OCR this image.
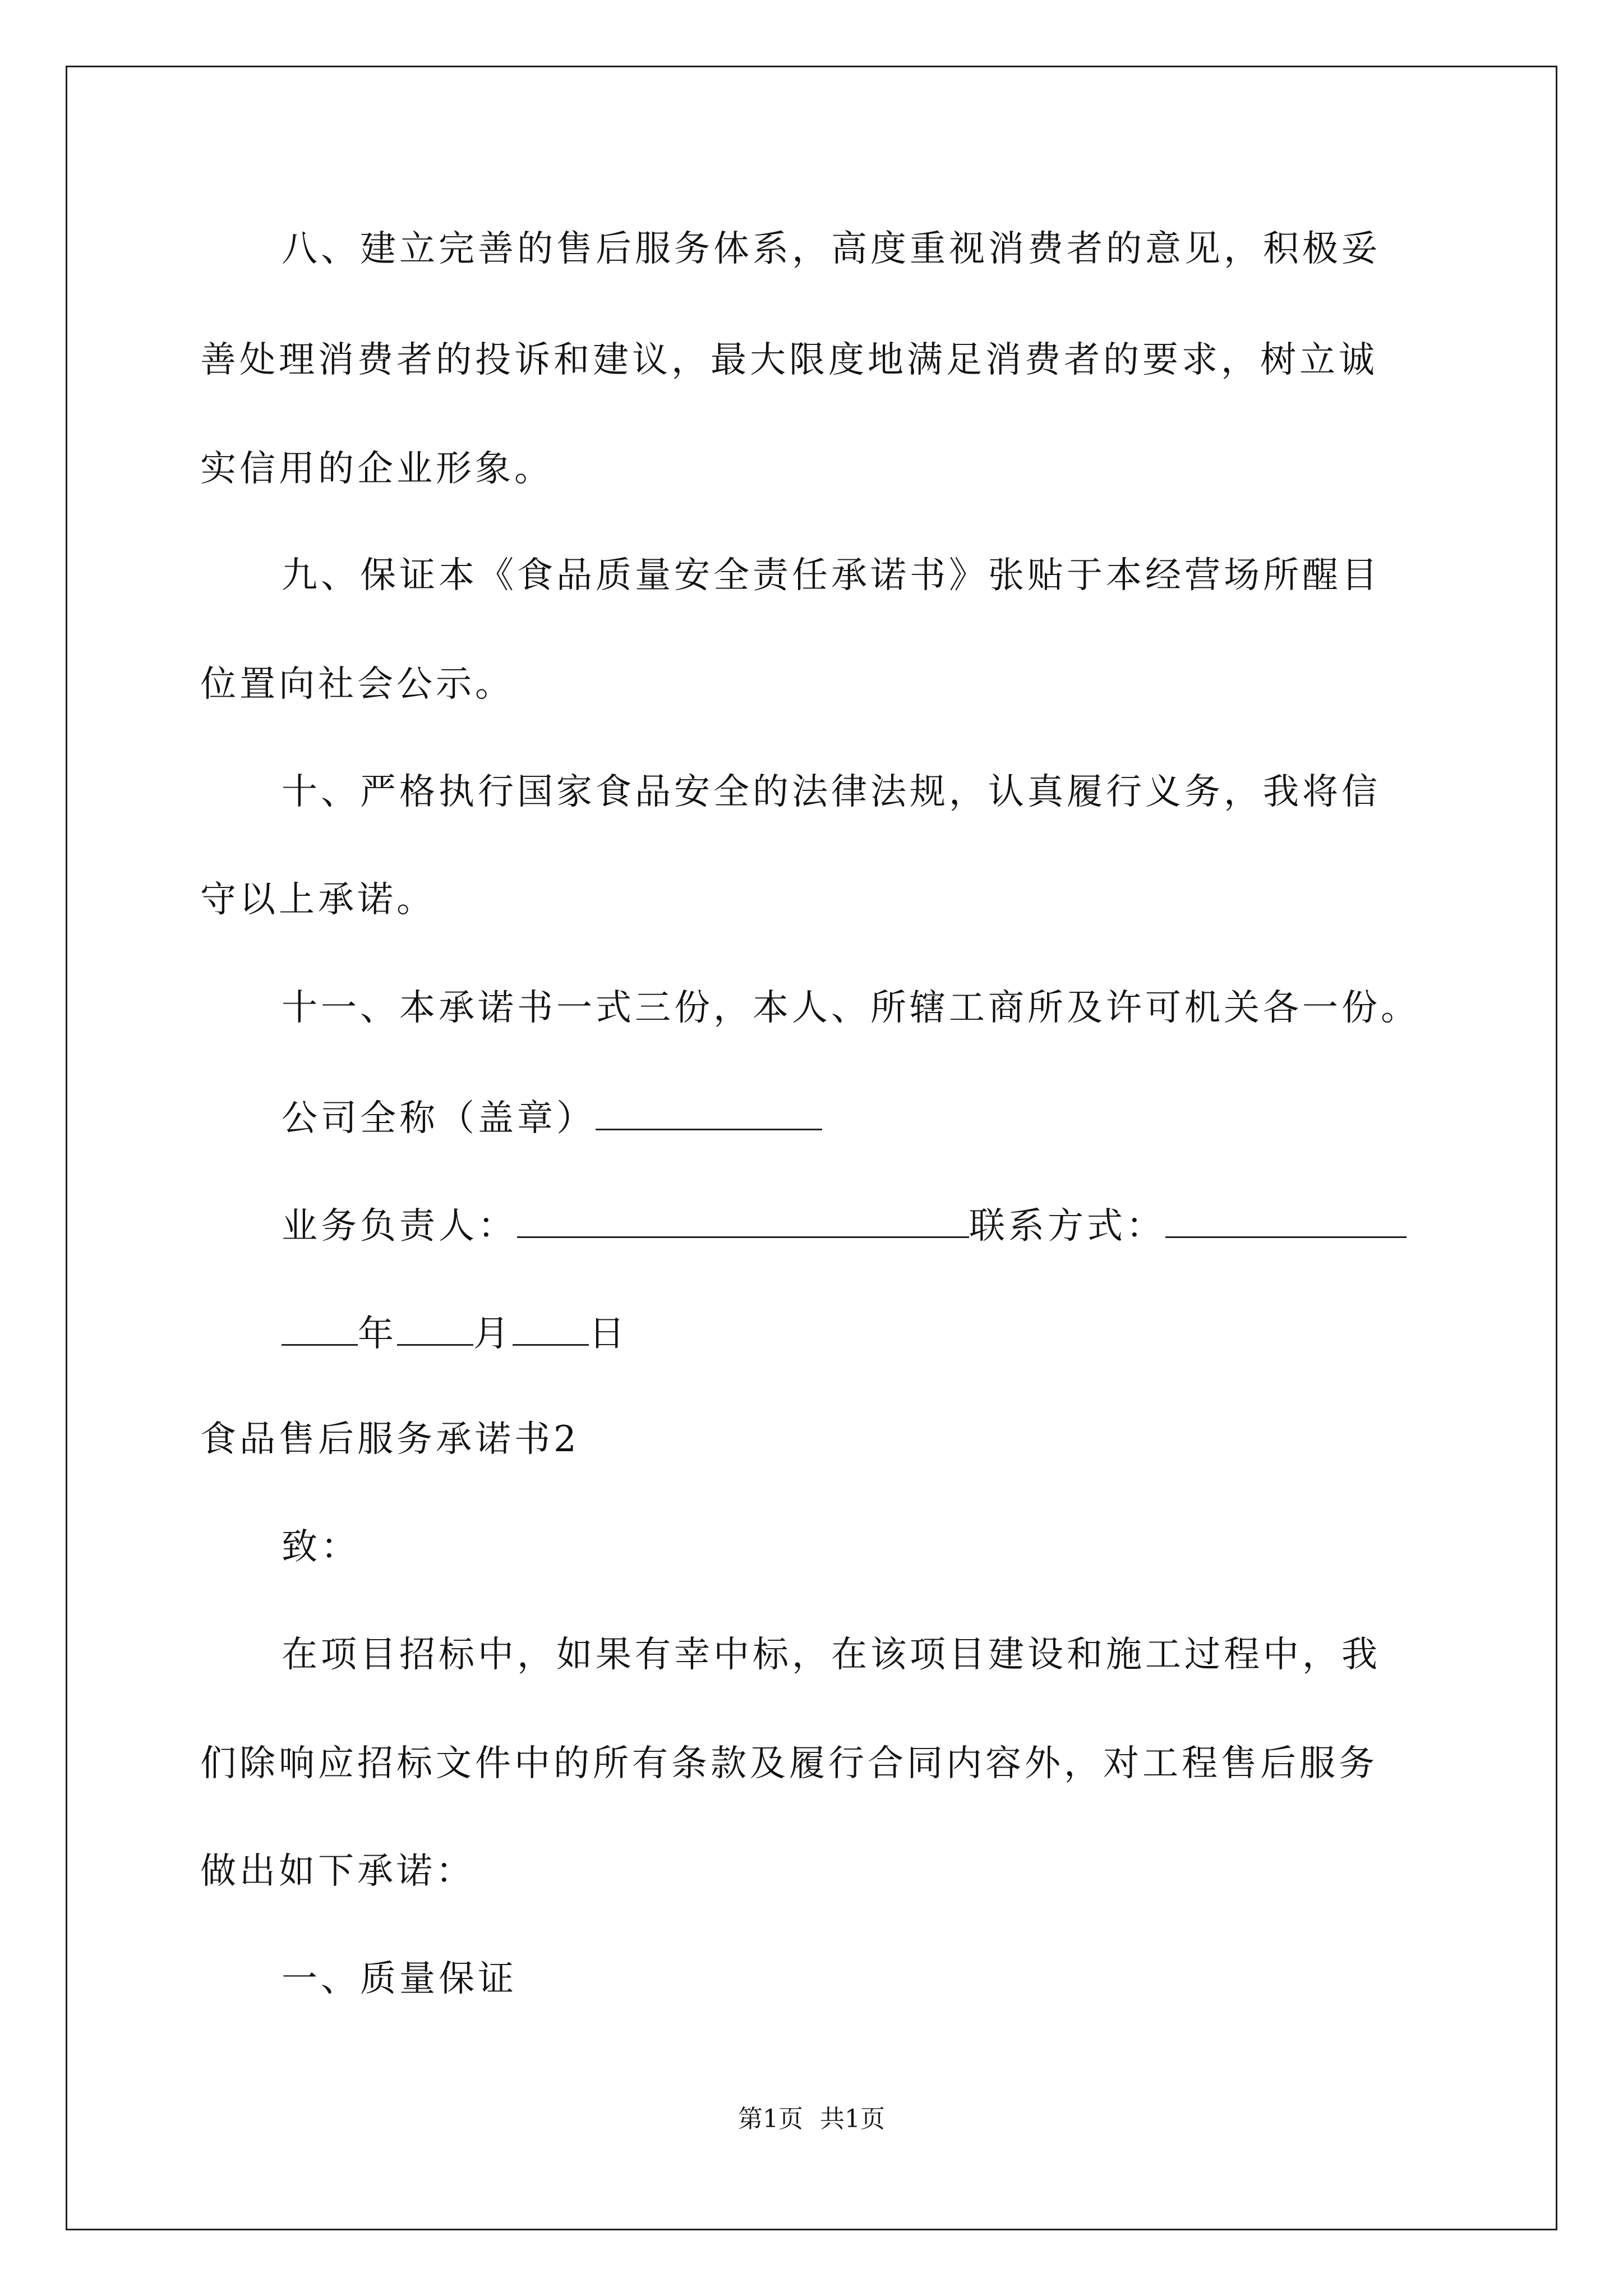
八、建立完善的售后服务体系，高度重视消费者的意见，积极妥
善处理消费者的投诉和建议，最大限度地满足消费者的要求，树立诚
实信用的企业形象。
九、保证本《食品质量安全责任承诺书》张贴于本经营场所醒目
位置向社会公示。
十、严格执行国家食品安全的法律法规，认真履行义务，我将信
守以上承诺。
十一、本承诺书一式三份，本人、所辖工商所及许可机关各一份。
公司全称（盖章）
业务负责人：	联系方式：
年 月 日
食品售后服务承诺书2
致：
在项目招标中，如果有幸中标，在该项目建设和施工过程中，我
们除响应招标文件中的所有条款及履行合同内容外，对工程售后服务
做出如下承诺：
一、质量保证
第1页 共1页
